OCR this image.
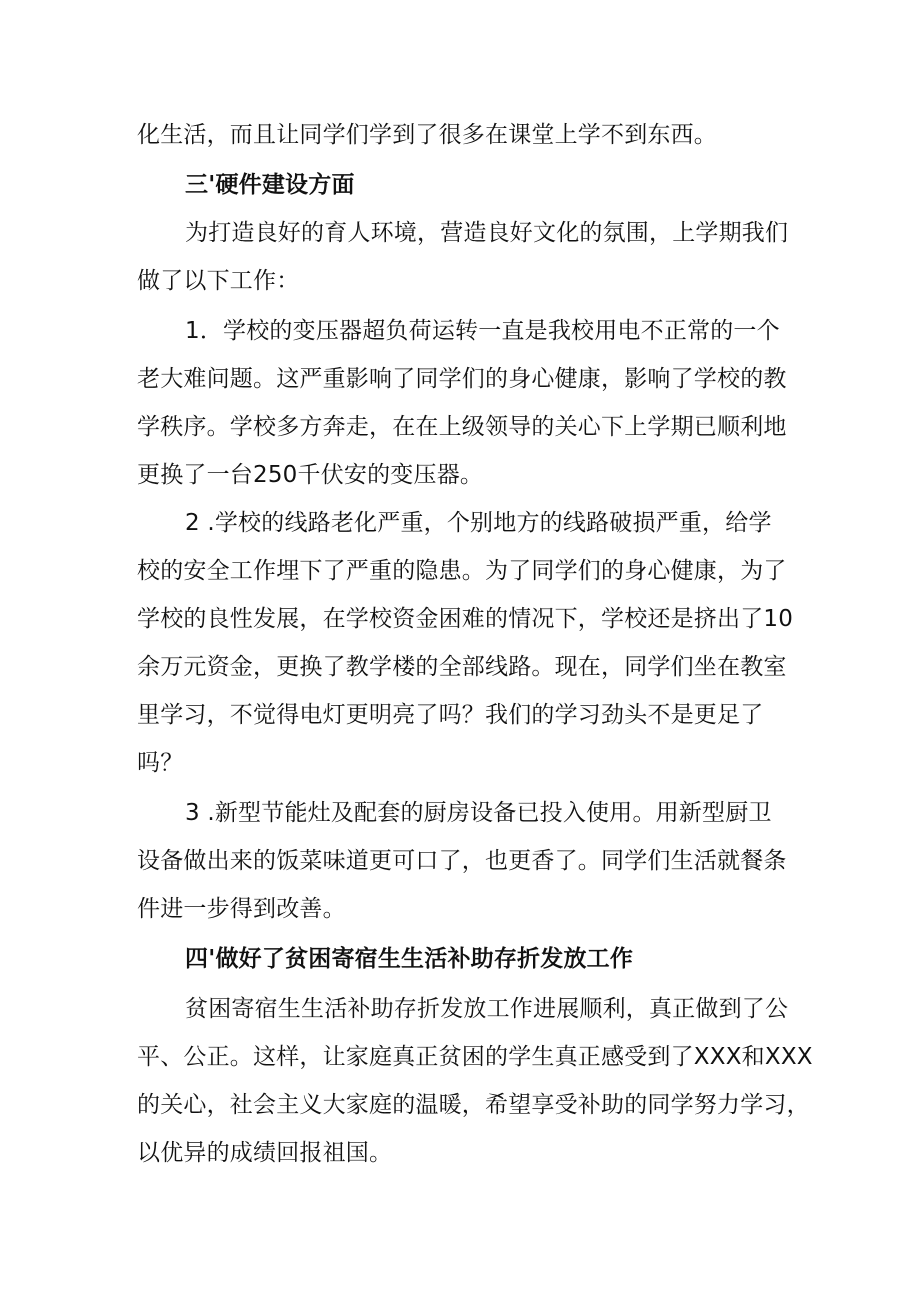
化生活，而且让同学们学到了很多在课堂上学不到东西。
三'硬件建设方面
为打造良好的育人环境，营造良好文化的氛围，上学期我们
做了以下工作：
1．学校的变压器超负荷运转一直是我校用电不正常的一个
老大难问题。这严重影响了同学们的身心健康，影响了学校的教
学秩序。学校多方奔走，在在上级领导的关心下上学期已顺利地
更换了一台250千伏安的变压器。
2 .学校的线路老化严重，个别地方的线路破损严重，给学
校的安全工作埋下了严重的隐患。为了同学们的身心健康，为了
学校的良性发展，在学校资金困难的情况下，学校还是挤出了10
余万元资金，更换了教学楼的全部线路。现在，同学们坐在教室
里学习，不觉得电灯更明亮了吗？我们的学习劲头不是更足了
吗？
3 .新型节能灶及配套的厨房设备已投入使用。用新型厨卫
设备做出来的饭菜味道更可口了，也更香了。同学们生活就餐条
件进一步得到改善。
四'做好了贫困寄宿生生活补助存折发放工作
贫困寄宿生生活补助存折发放工作进展顺利，真正做到了公
平、公正。这样，让家庭真正贫困的学生真正感受到了XXX和XXX
的关心，社会主义大家庭的温暖，希望享受补助的同学努力学习，
以优异的成绩回报祖国。
